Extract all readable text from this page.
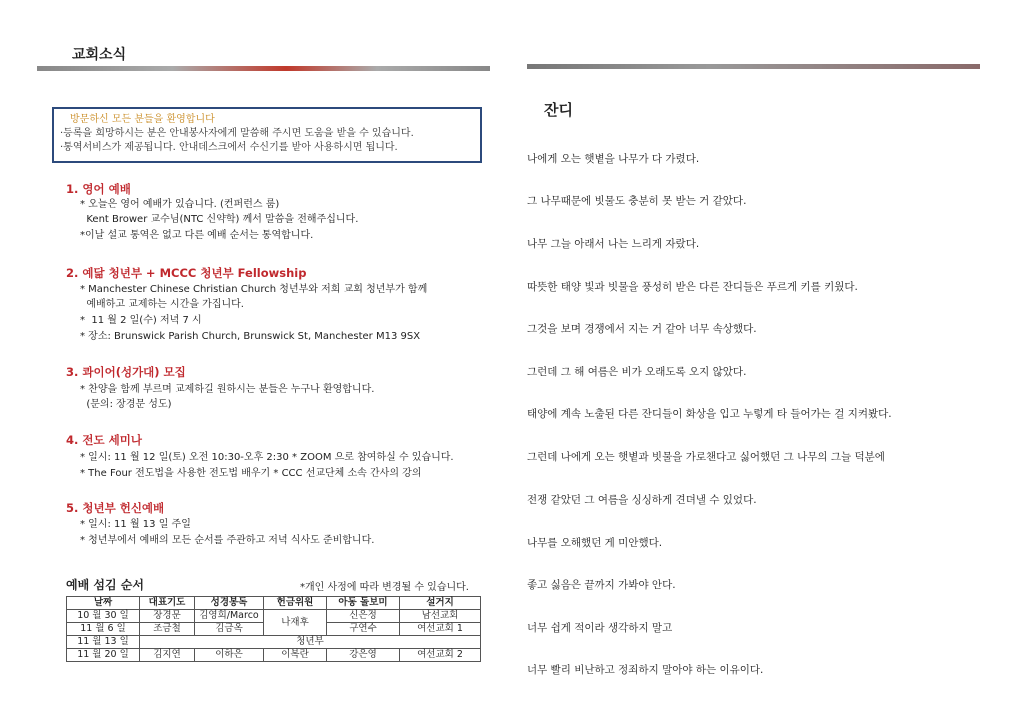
교회소식
방문하신 모든 분들을 환영합니다
·등록을 희망하시는 분은 안내봉사자에게 말씀해 주시면 도움을 받을 수 있습니다.
·통역서비스가 제공됩니다. 안내데스크에서 수신기를 받아 사용하시면 됩니다.
1. 영어 예배
* 오늘은 영어 예배가 있습니다. (컨퍼런스 룸)
Kent Brower 교수님(NTC 신약학) 께서 말씀을 전해주십니다.
*이날 설교 통역은 없고 다른 예배 순서는 통역합니다.
2. 예닮 청년부 + MCCC 청년부 Fellowship
* Manchester Chinese Christian Church 청년부와 저희 교회 청년부가 함께
예배하고 교제하는 시간을 가집니다.
*  11 월 2 일(수) 저녁 7 시
* 장소: Brunswick Parish Church, Brunswick St, Manchester M13 9SX
3. 콰이어(성가대) 모집
* 찬양을 함께 부르며 교제하길 원하시는 분들은 누구나 환영합니다.
(문의: 장경문 성도)
4. 전도 세미나
* 일시: 11 월 12 일(토) 오전 10:30-오후 2:30 * ZOOM 으로 참여하실 수 있습니다.
* The Four 전도법을 사용한 전도법 배우기 * CCC 선교단체 소속 간사의 강의
5. 청년부 헌신예배
* 일시: 11 월 13 일 주일
* 청년부에서 예배의 모든 순서를 주관하고 저녁 식사도 준비합니다.
예배 섬김 순서	*개인 사정에 따라 변경될 수 있습니다.
날짜	대표기도	성경봉독	헌금위원	아동 돌보미	설거지
10 월 30 일	장경문	김영희/Marco	나재후	신은정	남선교회
11 월 6 일	조금철	김금옥		구연수	여선교회 1
11 월 13 일	청년부				
11 월 20 일	김지연	이하은	이복란	강은영	여선교회 2
잔디
나에게 오는 햇볕을 나무가 다 가렸다.
그 나무때문에 빗물도 충분히 못 받는 거 같았다.
나무 그늘 아래서 나는 느리게 자랐다.
따뜻한 태양 빛과 빗물을 풍성히 받은 다른 잔디들은 푸르게 키를 키웠다.
그것을 보며 경쟁에서 지는 거 같아 너무 속상했다.
그런데 그 해 여름은 비가 오래도록 오지 않았다.
태양에 계속 노출된 다른 잔디들이 화상을 입고 누렇게 타 들어가는 걸 지켜봤다.
그런데 나에게 오는 햇볕과 빗물을 가로챈다고 싫어했던 그 나무의 그늘 덕분에
전쟁 같았던 그 여름을 싱싱하게 견뎌낼 수 있었다.
나무를 오해했던 게 미안했다.
좋고 싫음은 끝까지 가봐야 안다.
너무 쉽게 적이라 생각하지 말고
너무 빨리 비난하고 정죄하지 말아야 하는 이유이다.
